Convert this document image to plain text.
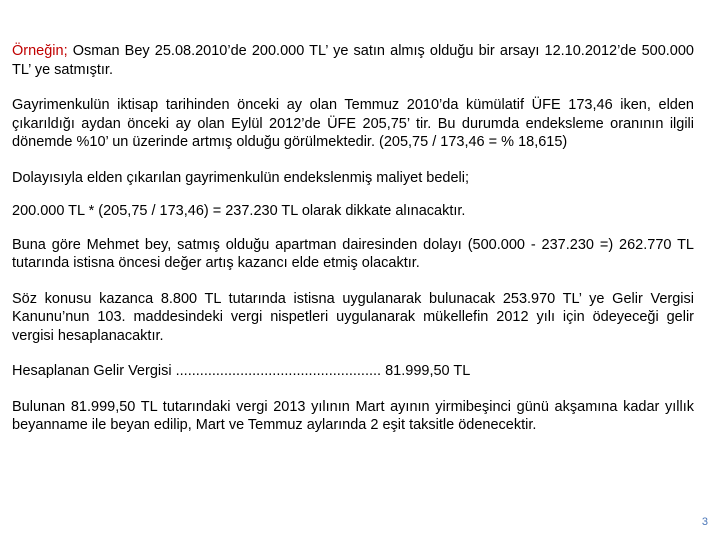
Örneğin; Osman Bey 25.08.2010’de 200.000 TL’ ye satın almış olduğu bir arsayı 12.10.2012’de 500.000 TL’ ye satmıştır.

Gayrimenkulün iktisap tarihinden önceki ay olan Temmuz 2010’da kümülatif ÜFE 173,46 iken, elden çıkarıldığı aydan önceki ay olan Eylül 2012’de ÜFE 205,75’ tir. Bu durumda endeksleme oranının ilgili dönemde %10’ un üzerinde artmış olduğu görülmektedir. (205,75 / 173,46 = % 18,615)

Dolayısıyla elden çıkarılan gayrimenkulün endekslenmiş maliyet bedeli;

200.000 TL * (205,75 / 173,46) = 237.230 TL olarak dikkate alınacaktır.

Buna göre Mehmet bey, satmış olduğu apartman dairesinden dolayı (500.000 - 237.230 =) 262.770 TL tutarında istisna öncesi değer artış kazancı elde etmiş olacaktır.

Söz konusu kazanca 8.800 TL tutarında istisna uygulanarak bulunacak 253.970 TL’ ye Gelir Vergisi Kanunu’nun 103. maddesindeki vergi nispetleri uygulanarak mükellefin 2012 yılı için ödeyeceği gelir vergisi hesaplanacaktır.

Hesaplanan Gelir Vergisi ................................................... 81.999,50 TL

Bulunan 81.999,50 TL tutarındaki vergi 2013 yılının Mart ayının yirmibeşinci günü akşamına kadar yıllık beyanname ile beyan edilip, Mart ve Temmuz aylarında 2 eşit taksitle ödenecektir.

3
